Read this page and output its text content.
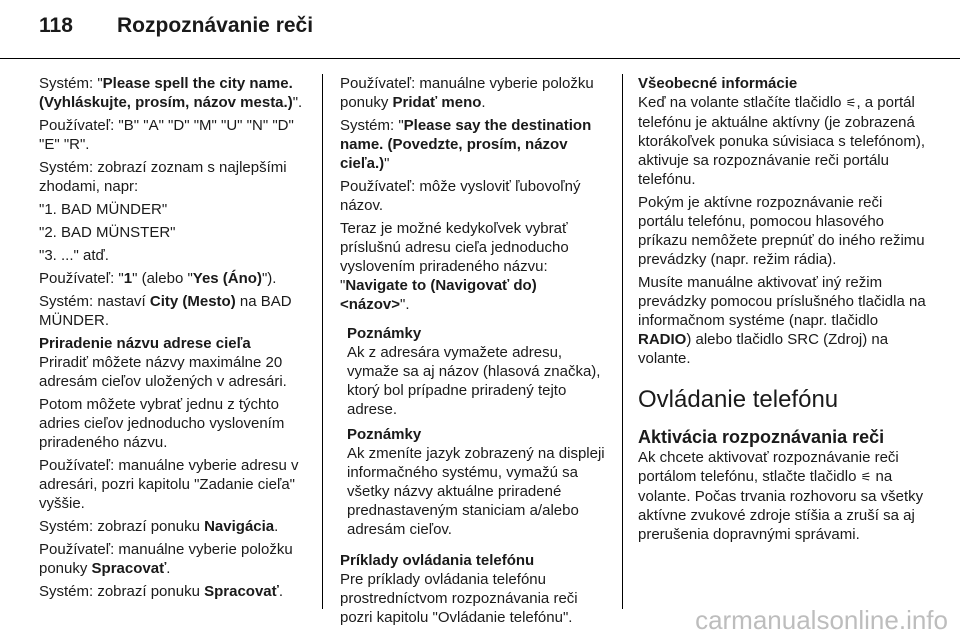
118 Rozpoznávanie reči

Systém: "Please spell the city name. (Vyhláskujte, prosím, názov mesta.)".

Používateľ: "B" "A" "D" "M" "U" "N" "D" "E" "R".

Systém: zobrazí zoznam s najlepšími zhodami, napr:

"1. BAD MÜNDER"

"2. BAD MÜNSTER"

"3. ..." atď.

Používateľ: "1" (alebo "Yes (Áno)").

Systém: nastaví City (Mesto) na BAD MÜNDER.

Priradenie názvu adrese cieľa

Priradiť môžete názvy maximálne 20 adresám cieľov uložených v adresári.

Potom môžete vybrať jednu z týchto adries cieľov jednoducho vyslovením priradeného názvu.

Používateľ: manuálne vyberie adresu v adresári, pozri kapitolu "Zadanie cieľa" vyššie.

Systém: zobrazí ponuku Navigácia.

Používateľ: manuálne vyberie položku ponuky Spracovať.

Systém: zobrazí ponuku Spracovať.

Používateľ: manuálne vyberie položku ponuky Pridať meno.

Systém: "Please say the destination name. (Povedzte, prosím, názov cieľa.)"

Používateľ: môže vysloviť ľubovoľný názov.

Teraz je možné kedykoľvek vybrať príslušnú adresu cieľa jednoducho vyslovením priradeného názvu: "Navigate to (Navigovať do) <názov>".

Poznámky

Ak z adresára vymažete adresu, vymaže sa aj názov (hlasová značka), ktorý bol prípadne priradený tejto adrese.

Poznámky

Ak zmeníte jazyk zobrazený na displeji informačného systému, vymažú sa všetky názvy aktuálne priradené prednastaveným staniciam a/alebo adresám cieľov.

Príklady ovládania telefónu

Pre príklady ovládania telefónu prostredníctvom rozpoznávania reči pozri kapitolu "Ovládanie telefónu".

Všeobecné informácie

Keď na volante stlačíte tlačidlo ⚟, a portál telefónu je aktuálne aktívny (je zobrazená ktorákoľvek ponuka súvisiaca s telefónom), aktivuje sa rozpoznávanie reči portálu telefónu.

Pokým je aktívne rozpoznávanie reči portálu telefónu, pomocou hlasového príkazu nemôžete prepnúť do iného režimu prevádzky (napr. režim rádia).

Musíte manuálne aktivovať iný režim prevádzky pomocou príslušného tlačidla na informačnom systéme (napr. tlačidlo RADIO) alebo tlačidlo SRC (Zdroj) na volante.

Ovládanie telefónu
Aktivácia rozpoznávania reči

Ak chcete aktivovať rozpoznávanie reči portálom telefónu, stlačte tlačidlo ⚟ na volante. Počas trvania rozhovoru sa všetky aktívne zvukové zdroje stíšia a zruší sa aj prerušenia dopravnými správami.

carmanualsonline.info
